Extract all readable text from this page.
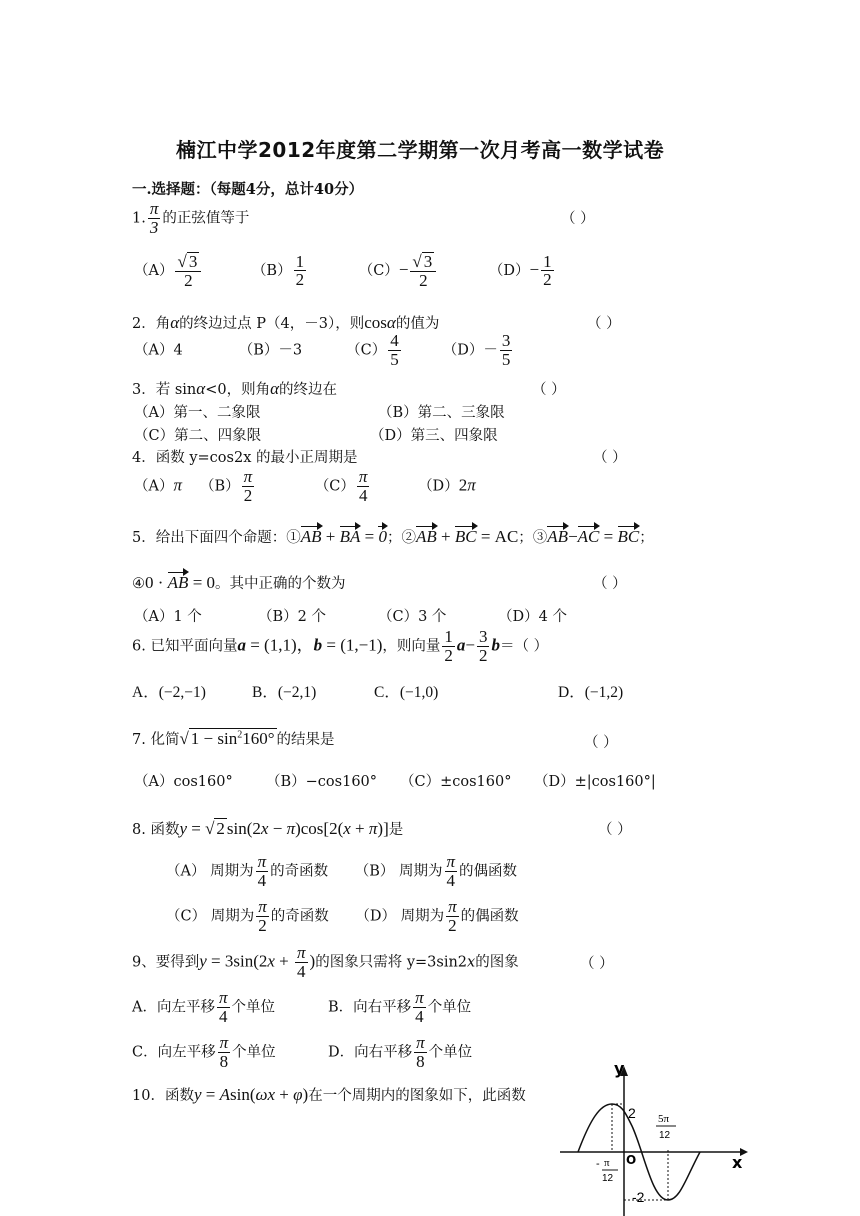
楠江中学2012年度第二学期第一次月考高一数学试卷
一.选择题：（每题4分，总计40分）
1. $\frac{\pi}{3}$ 的正弦值等于	（ ）
$(A) \frac{√ 3}{2}$	$(B) \frac{1}{2}$	$(C)- \frac{√ 3}{2}$	$(D)- \frac{1}{2}$
2．角α的终边过点 P（4，－3），则cosα的值为	（ ）
（A）4	（B）－3	$(C) \frac{4}{5}$	$(D)- \frac{3}{5}$
3．若 sinα<0，则角α的终边在	（ ）
（A）第一、二象限	（B）第二、三象限
（C）第二、四象限	（D）第三、四象限
4．函数 y=cos2x 的最小正周期是	（ ）
（A）π $(B) \frac{\pi}{2}$	$(C) \frac{\pi}{4}$	（D）2π
5．给出下面四个命题：①AB + BA = 0；②AB + BC = AC；③AB−AC = BC；
④0 · AB = 0。其中正确的个数为	（ ）
（A）1 个	（B）2 个	（C）3 个	（D）4 个
6. 已知平面向量a = (1,1)，b = (1,−1)，则向量 $\frac{1}{2} a- \frac{3}{2} b=$（ ）
A．(−2,−1)	B．(−2,1)	C．(−1,0)	D．(−1,2)
7. 化简√ $1 - \sin^2160^\circ$ 的结果是	（ ）
（A）cos160° （B）−cos160° （C）±cos160° （D）±|cos160°|
8. 函数y = √ 2 sin(2x − π)cos[2(x + π)]是	（ ）
（A） 周期为 $\frac{\pi}{4}$ 的奇函数 （B） 周期为 $\frac{\pi}{4}$ 的偶函数
（C） 周期为 $\frac{\pi}{2}$ 的奇函数 （D） 周期为 $\frac{\pi}{2}$ 的偶函数
9、要得到$y = 3\sin(2x + \frac{\pi}{4}$ )的图象只需将 y=3sin2x的图象	（ ）
A．向左平移 $\frac{\pi}{4}$ 个单位	B．向右平移 $\frac{\pi}{4}$ 个单位
C．向左平移 $\frac{\pi}{8}$ 个单位	D．向右平移 $\frac{\pi}{8}$ 个单位
10．函数y = Asin(ωx + φ)在一个周期内的图象如下，此函数
y
x
O
2
-2
- π
12
5π
12
